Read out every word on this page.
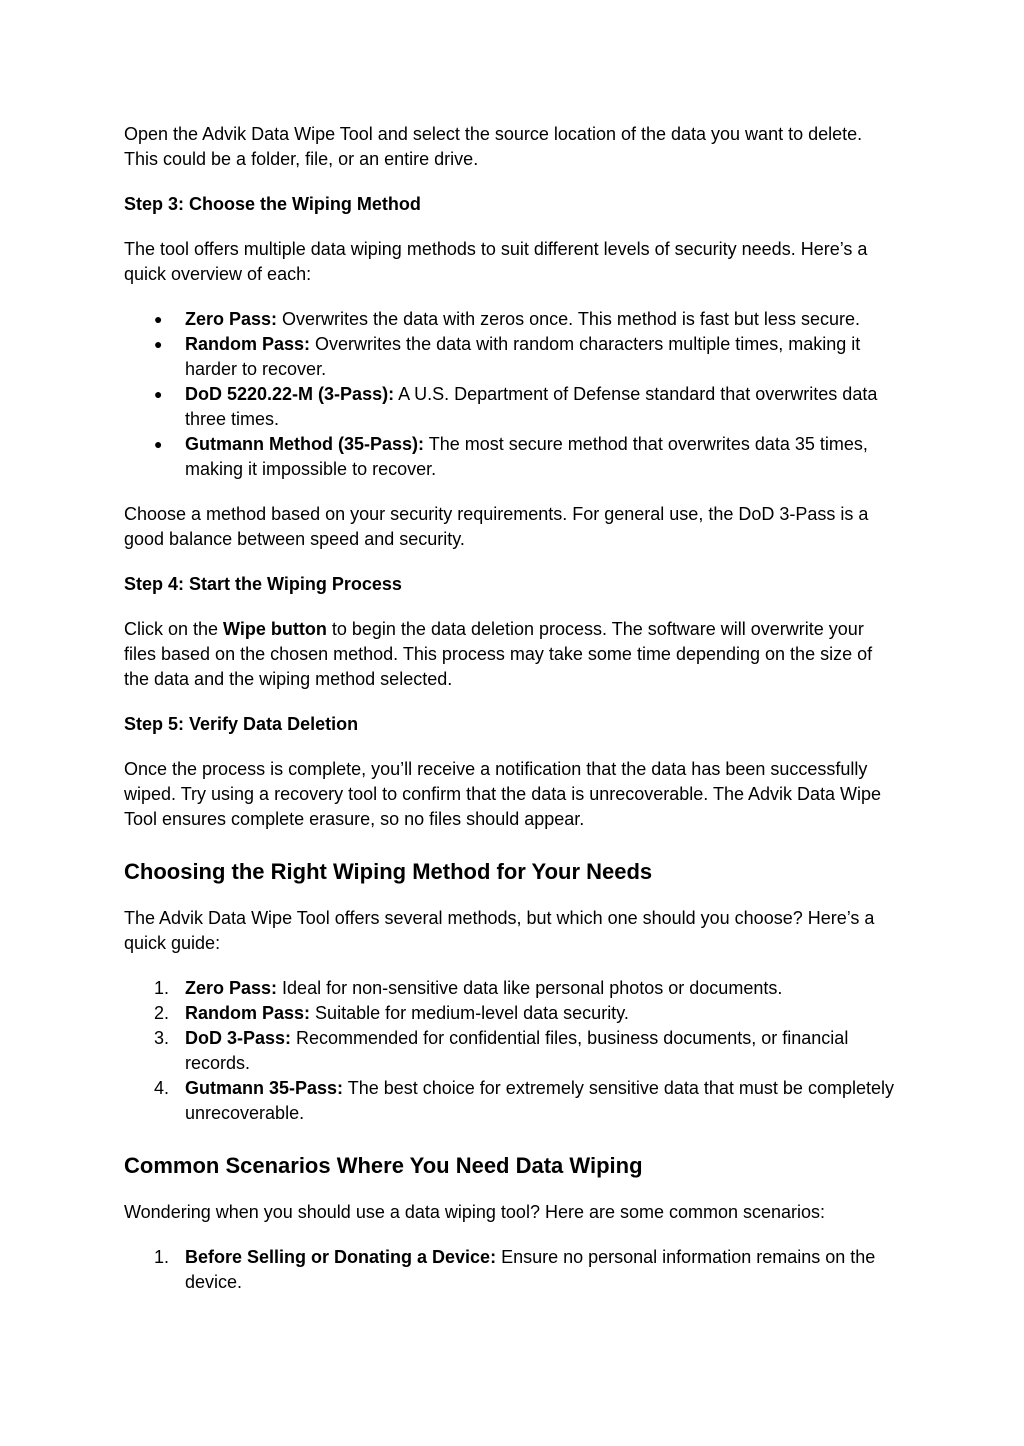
Open the Advik Data Wipe Tool and select the source location of the data you want to delete. This could be a folder, file, or an entire drive.

Step 3: Choose the Wiping Method

The tool offers multiple data wiping methods to suit different levels of security needs. Here’s a quick overview of each:

●	Zero Pass: Overwrites the data with zeros once. This method is fast but less secure.
●	Random Pass: Overwrites the data with random characters multiple times, making it harder to recover.
●	DoD 5220.22-M (3-Pass): A U.S. Department of Defense standard that overwrites data three times.
●	Gutmann Method (35-Pass): The most secure method that overwrites data 35 times, making it impossible to recover.

Choose a method based on your security requirements. For general use, the DoD 3-Pass is a good balance between speed and security.

Step 4: Start the Wiping Process

Click on the Wipe button to begin the data deletion process. The software will overwrite your files based on the chosen method. This process may take some time depending on the size of the data and the wiping method selected.

Step 5: Verify Data Deletion

Once the process is complete, you’ll receive a notification that the data has been successfully wiped. Try using a recovery tool to confirm that the data is unrecoverable. The Advik Data Wipe Tool ensures complete erasure, so no files should appear.

Choosing the Right Wiping Method for Your Needs

The Advik Data Wipe Tool offers several methods, but which one should you choose? Here’s a quick guide:

1. Zero Pass: Ideal for non-sensitive data like personal photos or documents.
2. Random Pass: Suitable for medium-level data security.
3. DoD 3-Pass: Recommended for confidential files, business documents, or financial records.
4. Gutmann 35-Pass: The best choice for extremely sensitive data that must be completely unrecoverable.
Common Scenarios Where You Need Data Wiping

Wondering when you should use a data wiping tool? Here are some common scenarios:

1. Before Selling or Donating a Device: Ensure no personal information remains on the device.
